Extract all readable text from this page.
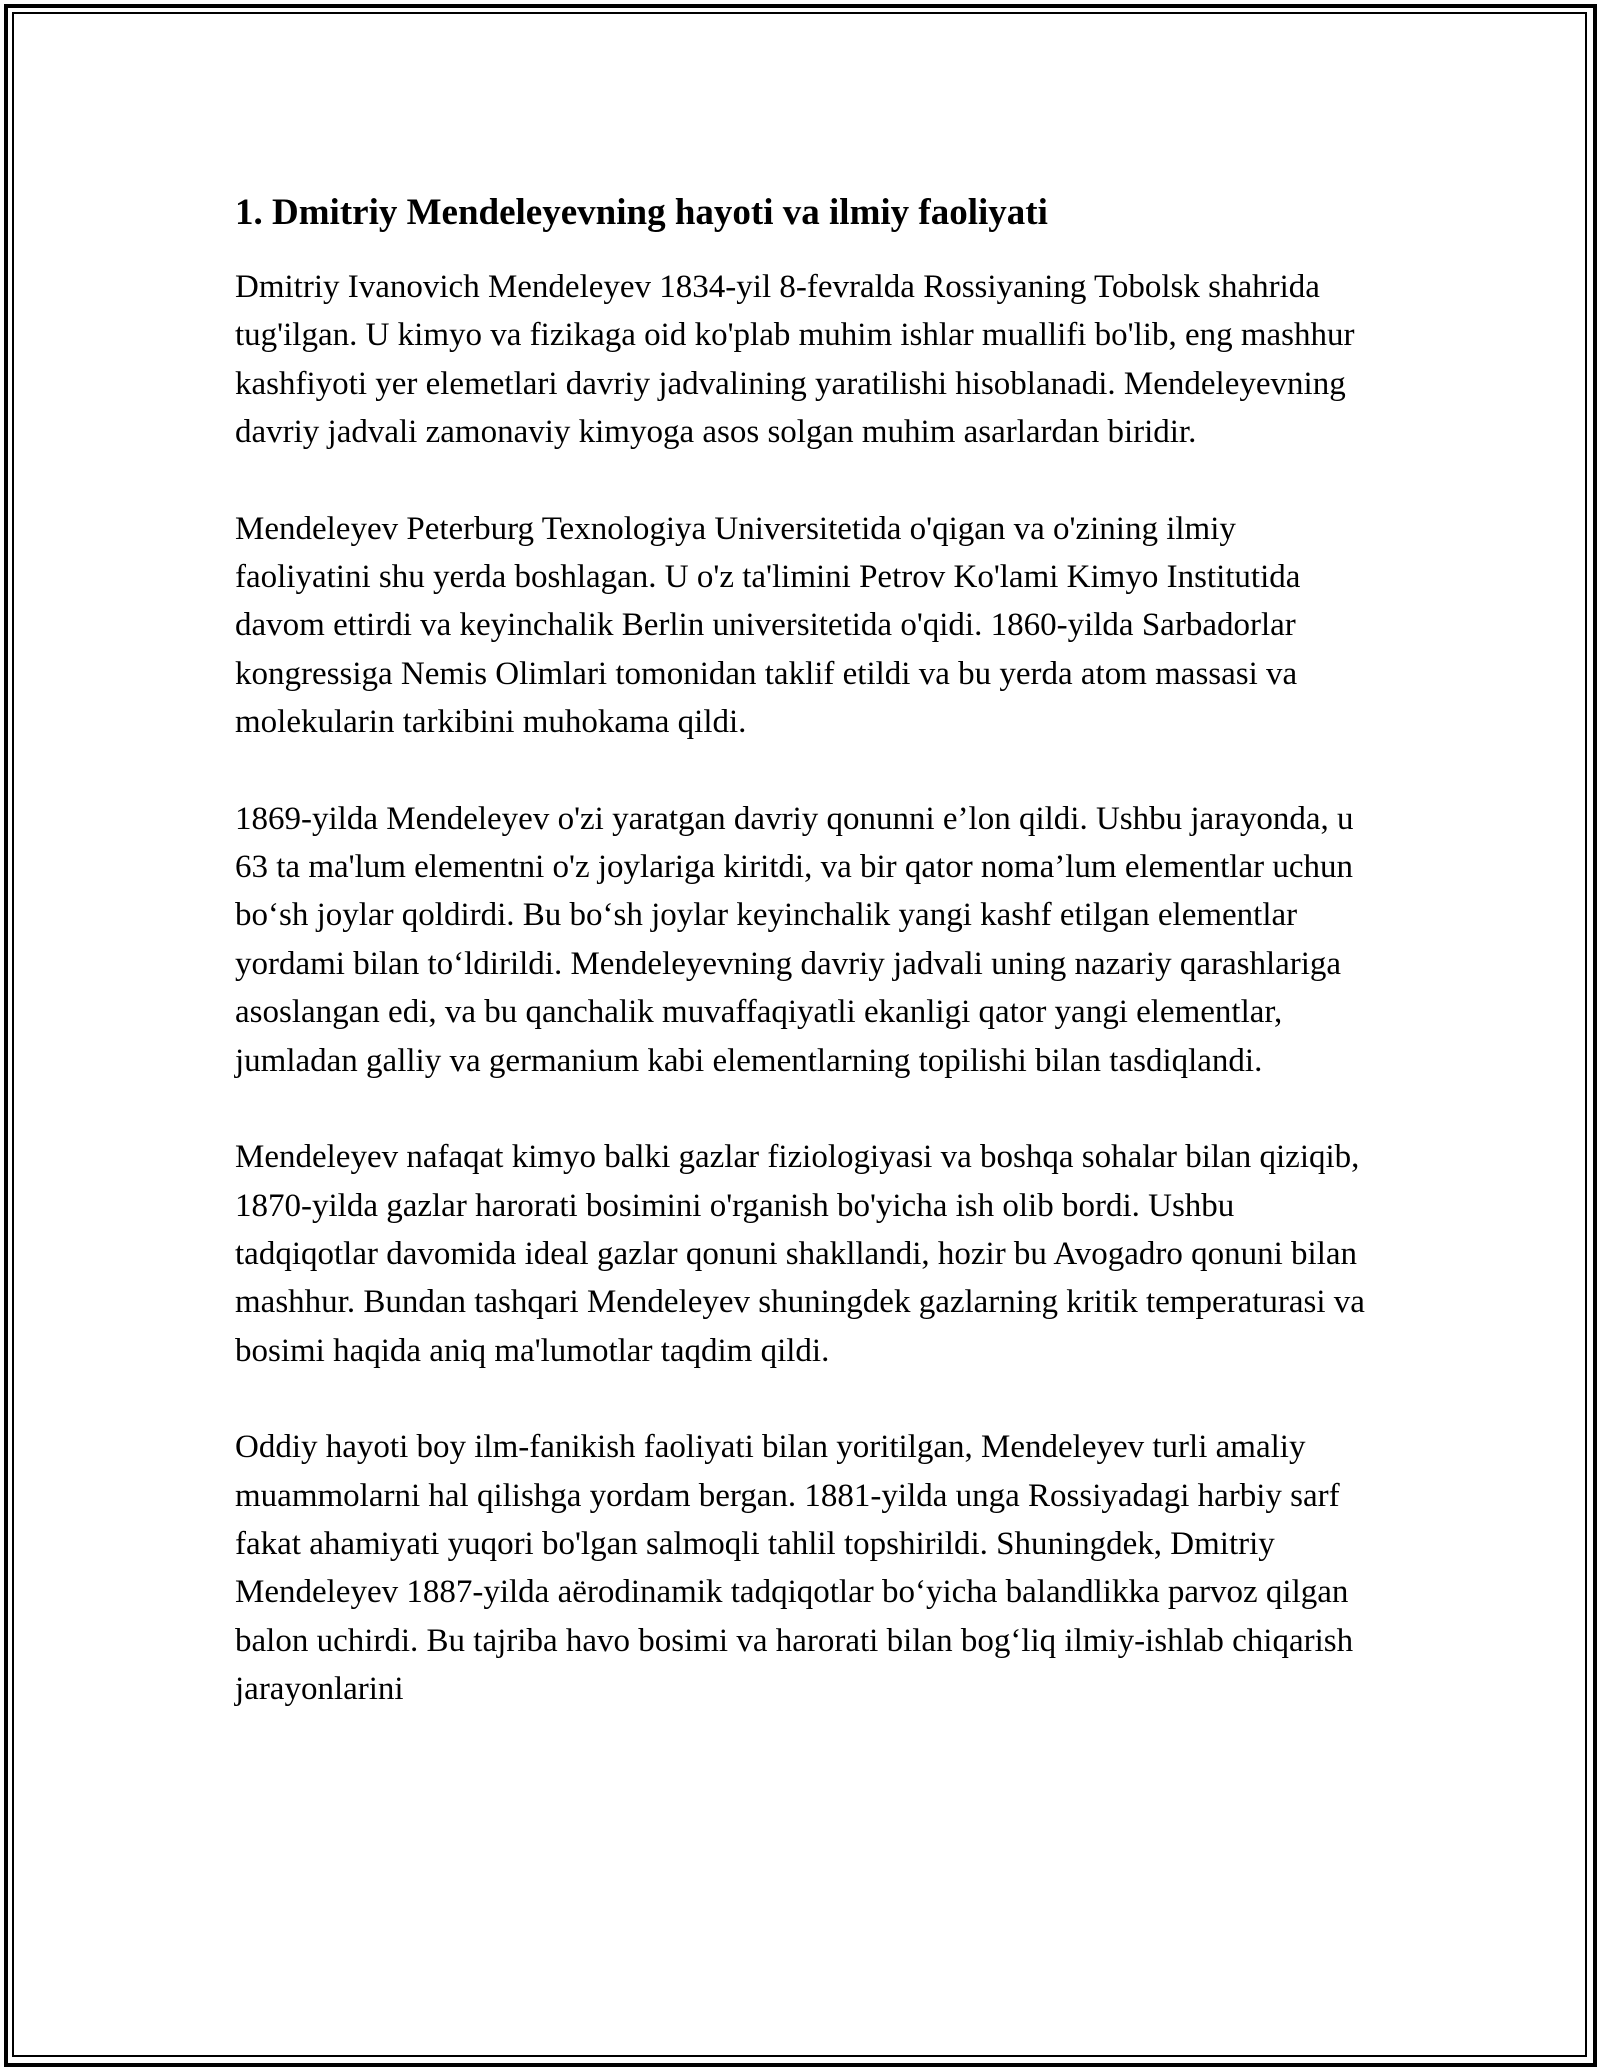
1. Dmitriy Mendeleyevning hayoti va ilmiy faoliyati

Dmitriy Ivanovich Mendeleyev 1834-yil 8-fevralda Rossiyaning Tobolsk shahrida tug'ilgan. U kimyo va fizikaga oid ko'plab muhim ishlar muallifi bo'lib, eng mashhur kashfiyoti yer elemetlari davriy jadvalining yaratilishi hisoblanadi. Mendeleyevning davriy jadvali zamonaviy kimyoga asos solgan muhim asarlardan biridir.

Mendeleyev Peterburg Texnologiya Universitetida o'qigan va o'zining ilmiy faoliyatini shu yerda boshlagan. U o'z ta'limini Petrov Ko'lami Kimyo Institutida davom ettirdi va keyinchalik Berlin universitetida o'qidi. 1860-yilda Sarbadorlar kongressiga Nemis Olimlari tomonidan taklif etildi va bu yerda atom massasi va molekularin tarkibini muhokama qildi.

1869-yilda Mendeleyev o'zi yaratgan davriy qonunni e’lon qildi. Ushbu jarayonda, u 63 ta ma'lum elementni o'z joylariga kiritdi, va bir qator noma’lum elementlar uchun bo‘sh joylar qoldirdi. Bu bo‘sh joylar keyinchalik yangi kashf etilgan elementlar yordami bilan to‘ldirildi. Mendeleyevning davriy jadvali uning nazariy qarashlariga asoslangan edi, va bu qanchalik muvaffaqiyatli ekanligi qator yangi elementlar, jumladan galliy va germanium kabi elementlarning topilishi bilan tasdiqlandi.

Mendeleyev nafaqat kimyo balki gazlar fiziologiyasi va boshqa sohalar bilan qiziqib, 1870-yilda gazlar harorati bosimini o'rganish bo'yicha ish olib bordi. Ushbu tadqiqotlar davomida ideal gazlar qonuni shakllandi, hozir bu Avogadro qonuni bilan mashhur. Bundan tashqari Mendeleyev shuningdek gazlarning kritik temperaturasi va bosimi haqida aniq ma'lumotlar taqdim qildi.

Oddiy hayoti boy ilm-fanikish faoliyati bilan yoritilgan, Mendeleyev turli amaliy muammolarni hal qilishga yordam bergan. 1881-yilda unga Rossiyadagi harbiy sarf fakat ahamiyati yuqori bo'lgan salmoqli tahlil topshirildi. Shuningdek, Dmitriy Mendeleyev 1887-yilda aërodinamik tadqiqotlar bo‘yicha balandlikka parvoz qilgan balon uchirdi. Bu tajriba havo bosimi va harorati bilan bog‘liq ilmiy-ishlab chiqarish jarayonlarini
